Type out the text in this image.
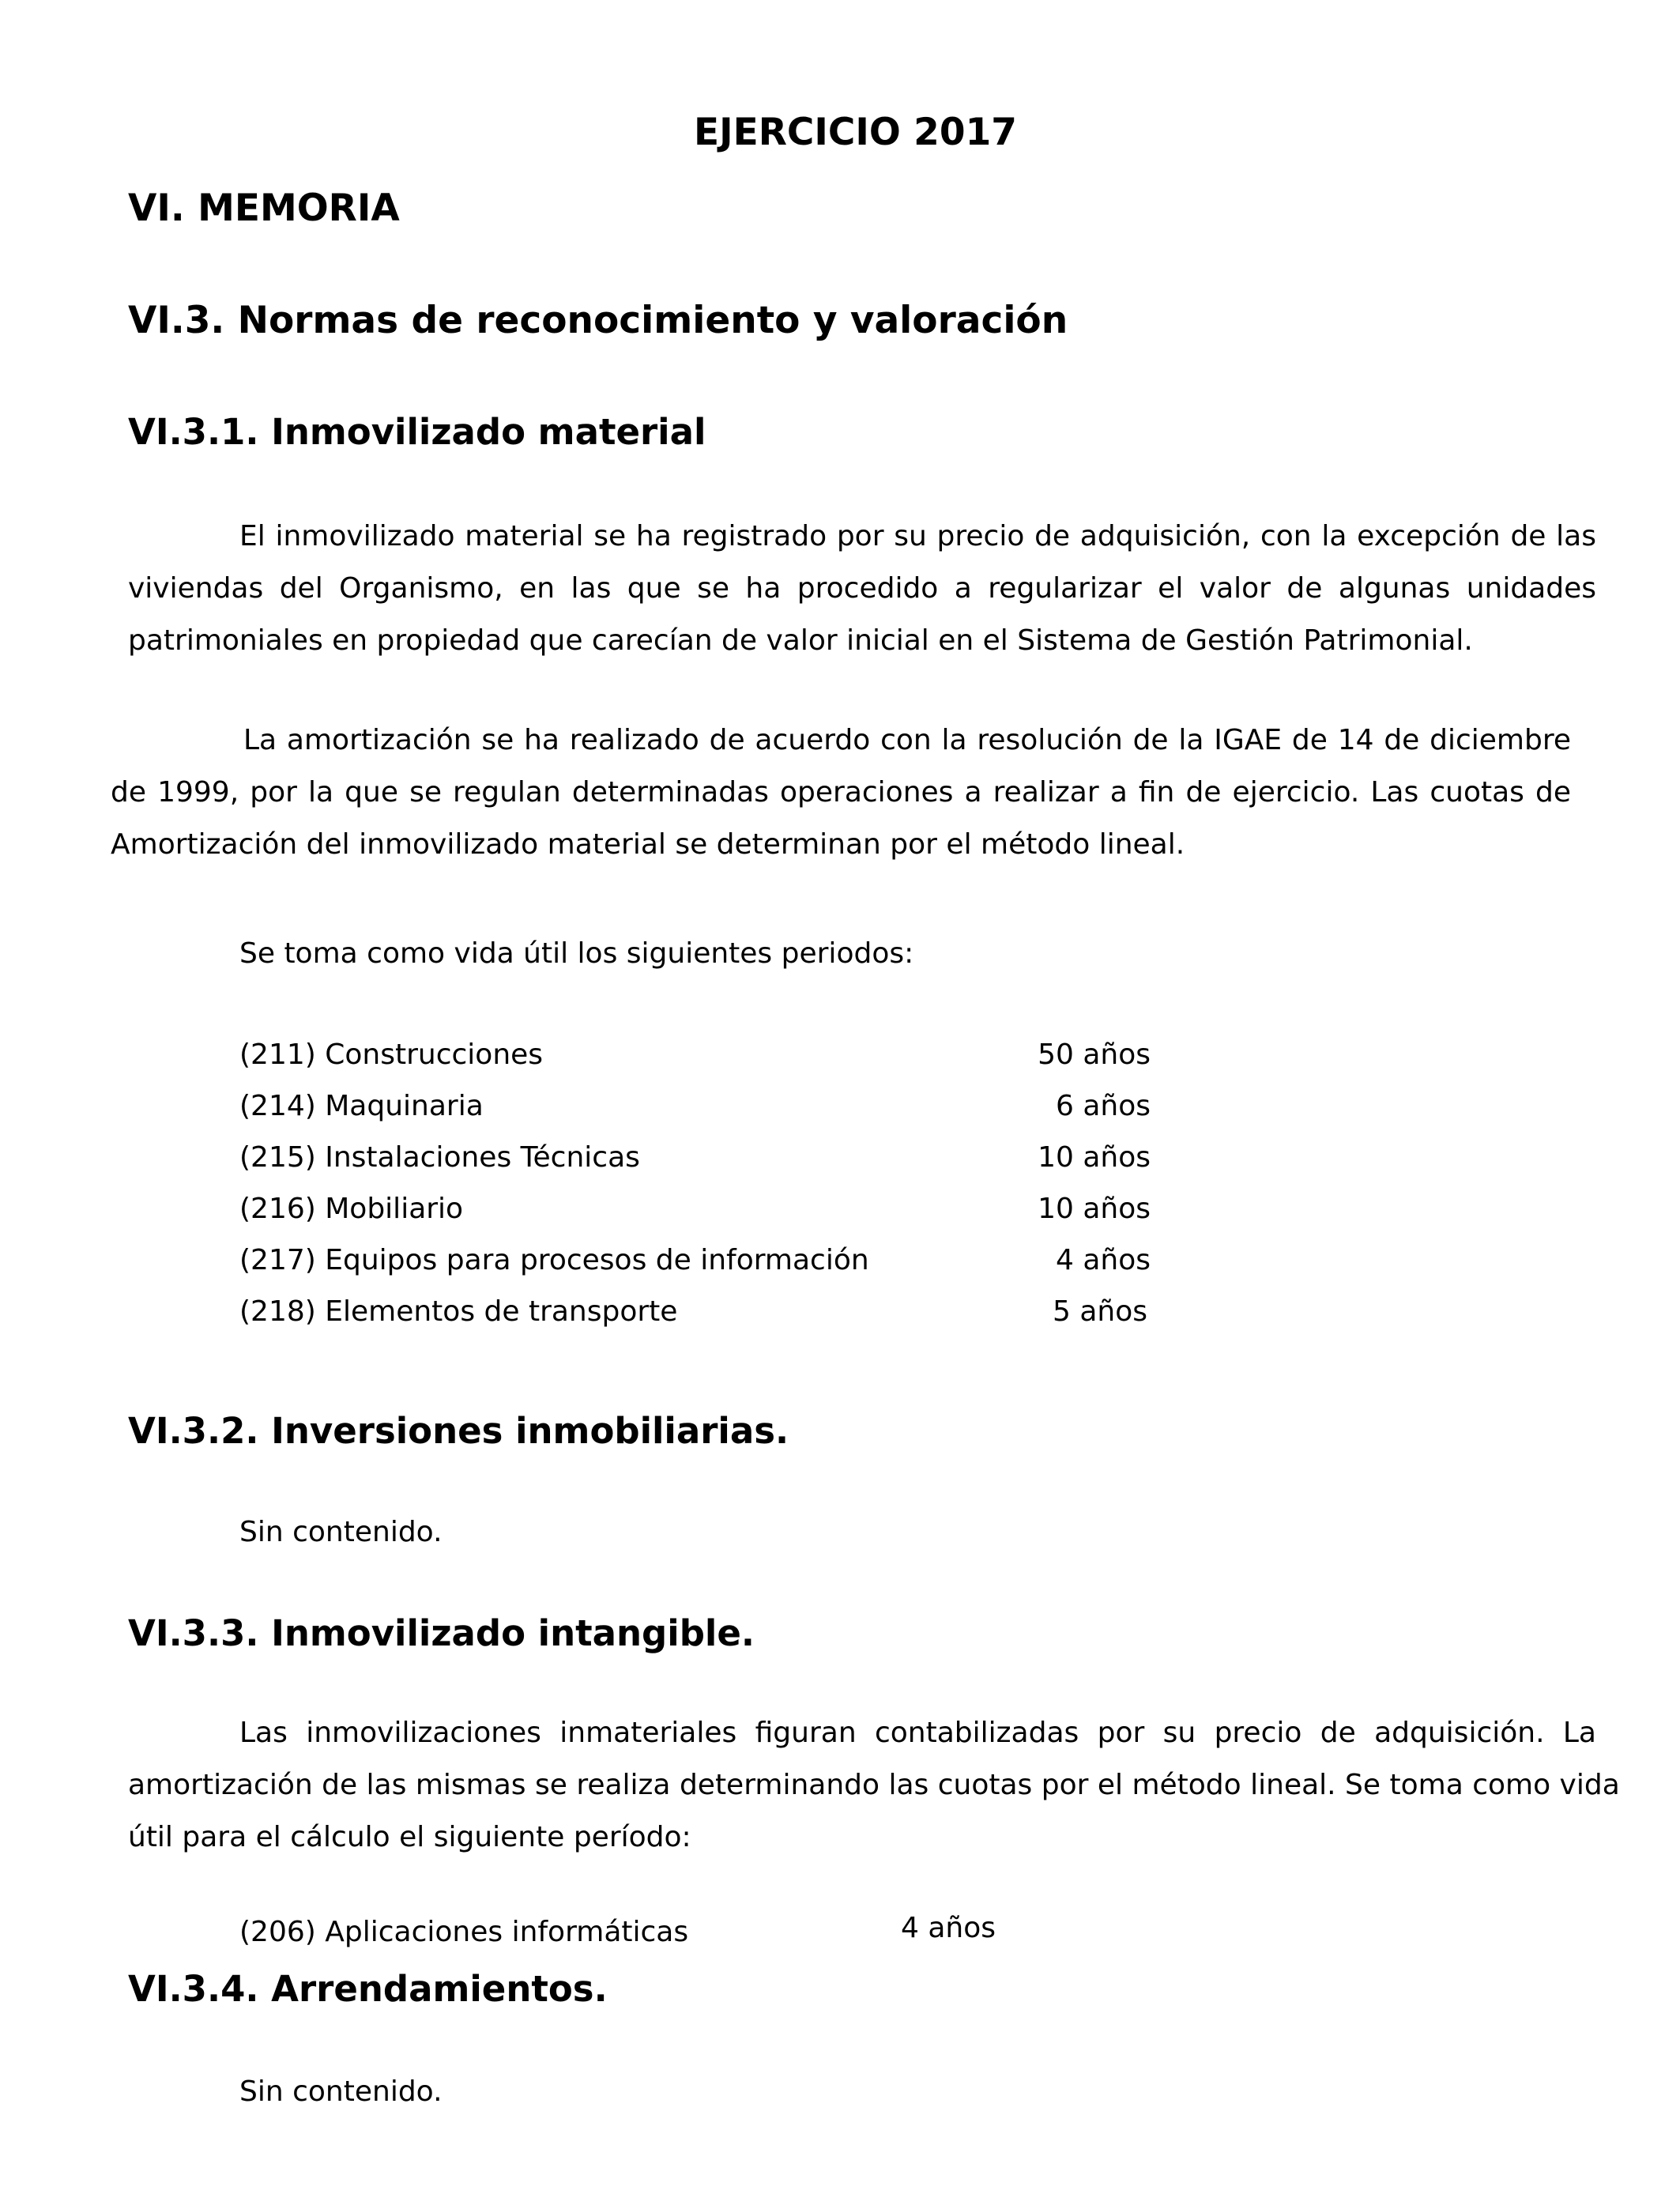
EJERCICIO 2017
VI. MEMORIA
VI.3. Normas de reconocimiento y valoración
VI.3.1. Inmovilizado material
El inmovilizado material se ha registrado por su precio de adquisición, con la excepción de las
viviendas del Organismo, en las que se ha procedido a regularizar el valor de algunas unidades
patrimoniales en propiedad que carecían de valor inicial en el Sistema de Gestión Patrimonial.
La amortización se ha realizado de acuerdo con la resolución de la IGAE de 14 de diciembre
de 1999, por la que se regulan determinadas operaciones a realizar a fin de ejercicio. Las cuotas de
Amortización del inmovilizado material se determinan por el método lineal.
Se toma como vida útil los siguientes periodos:
(211) Construcciones	50 años
(214) Maquinaria	6 años
(215) Instalaciones Técnicas	10 años
(216) Mobiliario	10 años
(217) Equipos para procesos de información	4 años
(218) Elementos de transporte	5 años
VI.3.2. Inversiones inmobiliarias.
Sin contenido.
VI.3.3. Inmovilizado intangible.
Las inmovilizaciones inmateriales figuran contabilizadas por su precio de adquisición. La
amortización de las mismas se realiza determinando las cuotas por el método lineal. Se toma como vida
útil para el cálculo el siguiente período:
(206) Aplicaciones informáticas	4 años
VI.3.4. Arrendamientos.
Sin contenido.
